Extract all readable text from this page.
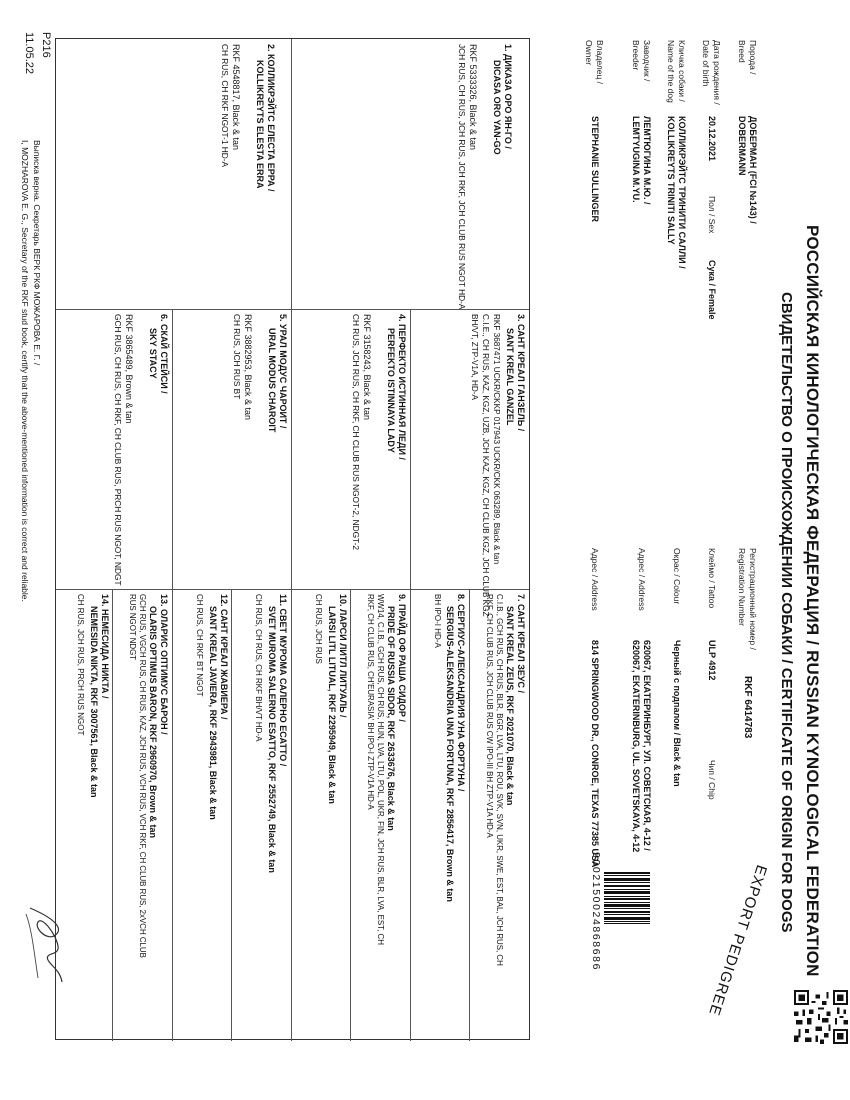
РОССИЙСКАЯ КИНОЛОГИЧЕСКАЯ ФЕДЕРАЦИЯ / RUSSIAN KYNOLOGICAL FEDERATION
СВИДЕТЕЛЬСТВО О ПРОИСХОЖДЕНИИ СОБАКИ / CERTIFICATE OF ORIGIN FOR DOGS
EXPORT PEDIGREE
9002150024868686
Порода /
Breed
ДОБЕРМАН (FCI №143) /
DOBERMANN
Регистрационный номер /
Registration Number
RKF 6414783
Дата рождения /
Date of birth
20.12.2021
Пол / Sex
Сука / Female
Клеймо / Tattoo
ULP 4912
Чип / Chip
Кличка собаки /
Name of the dog
КОЛЛИКРЭЙТС ТРИНИТИ САЛЛИ /
KOLLIKREYTS TRINITI SALLY
Окрас / Colour
Черный с подпалом / Black & tan
Заводчик /
Breeder
ЛЕМТЮГИНА М.Ю. /
LEMTYUGINA M.YU.
Адрес / Address
620067, ЕКАТЕРИНБУРГ, УЛ. СОВЕТСКАЯ, 4-12 /
620067, EKATERINBURG, UL. SOVETSKAYA, 4-12
Владелец /
Owner
STEPHANIE SULLINGER
Адрес / Address
814 SPRINGWOOD DR., CONROE, TEXAS 77385 USA
1. ДИКАЗА ОРО ЯН-ГО /
DICASA ORO YAN-GO
RKF 5333326, Black & tan
JCH RUS, CH RUS, JCH RUS, JCH RKF, JCH CLUB RUS NGOT HD-A
2. КОЛЛИКРЭЙТС ЕЛЕСТА ЕРРА /
KOLLIKREYTS ELESTA ERRA
RKF 4548817, Black & tan
CH RUS, CH RKF NGOT-1 HD-A
3. САНТ КРЕАЛ ГАНЗЕЛЬ /
SANT KREAL GANZEL
RKF 3687471 UCKR/CKKP 017943 UCKR/CKK 063289, Black & tan
C.I.E., CH RUS, KAZ, KGZ, UZB, JCH KAZ, KGZ, CH CLUB KGZ, JCH CLUB KGZ
BH/VT, ZTP-V1A, HD-A
4. ПЕРФЕКТО ИСТИННАЯ ЛЕДИ /
PERFEKTO ISTINNAYA LADY
RKF 3158243, Black & tan
CH RUS, JCH RUS, CH RKF, CH CLUB RUS NGOT-2, NDGT-2
5. УРАЛ МОДУС ЧАРОИТ /
URAL MODUS CHAROIT
RKF 3882953, Black & tan
CH RUS, JCH RUS BT
6. СКАЙ СТЕЙСИ /
SKY STACY
RKF 3865489, Brown & tan
GCH RUS, CH RUS, CH RKF, CH CLUB RUS, PRCH RUS NGOT, NDGT
7. САНТ КРЕАЛ ЗЕУС /
SANT KREAL ZEUS, RKF 2021070, Black & tan
C.I.B., GCH RUS, CH RUS, BLR, BGR, LVA, LTU, ROU, SVK, SVN, UKR, SWE, EST, BAL, JCH RUS, CH
RKF, CH CLUB RUS, JCH CLUB RUS CW IPO-III BH ZTP-V1A HD-A
8. СЕРГИУС-АЛЕКСАНДРИЯ УНА ФОРТУНА /
SERGIUS-ALEKSANDRIA UNA FORTUNA, RKF 2856417, Brown & tan
BH IPO-I HD-A
9. ПРАЙД ОФ РАША СИДОР /
PRIDE OF RUSSIA SIDOR, RKF 2633676, Black & tan
WW14, C.I.B., GCH RUS, CH RUS, HUN, LVA, LTU, POL, UKR, FIN, JCH RUS, BLR, LVA, EST, CH
RKF, CH CLUB RUS, CH'EURASIA' BH IPO-I ZTP-V1A HD-A
10. ЛАРСИ ЛИТЛ ЛИТУАЛЬ /
LARSI LITL LITUAL, RKF 2295949, Black & tan
CH RUS, JCH RUS
11. СВЕТ МУРОМА САЛЕРНО ЕСАТТО /
SVET MUROMA SALERNO ESATTO, RKF 2552749, Black & tan
CH RUS, CH RUS, CH RKF BH/VT HD-A
12. САНТ КРЕАЛ ЖАВИЕРА /
SANT KREAL JAVIERA, RKF 2943981, Black & tan
CH RUS, CH RKF BT NGOT
13. ОЛАРИС ОПТИМУС БАРОН /
OLARIS OPTIMUS BARON, RKF 2960970, Brown & tan
GCH RUS, VGCH RUS, CH RUS, KAZ, JCH RUS, VCH RUS, VCH RKF, CH CLUB RUS, 2xVCH CLUB
RUS NGOT NDGT
14. НЕМЕСИДА НИКТА /
NEMESIDA NIKTA, RKF 3007561, Black & tan
CH RUS, JCH RUS, PRCH RUS NGOT
P216
11.05.22
Выписка верна. Секретарь ВЕРК РКФ МОЖАРОВА Е. Г. /
I, MOZHAROVA E. G., Secretary of the RKF stud book, certify that the above-mentioned information is correct and reliable.
